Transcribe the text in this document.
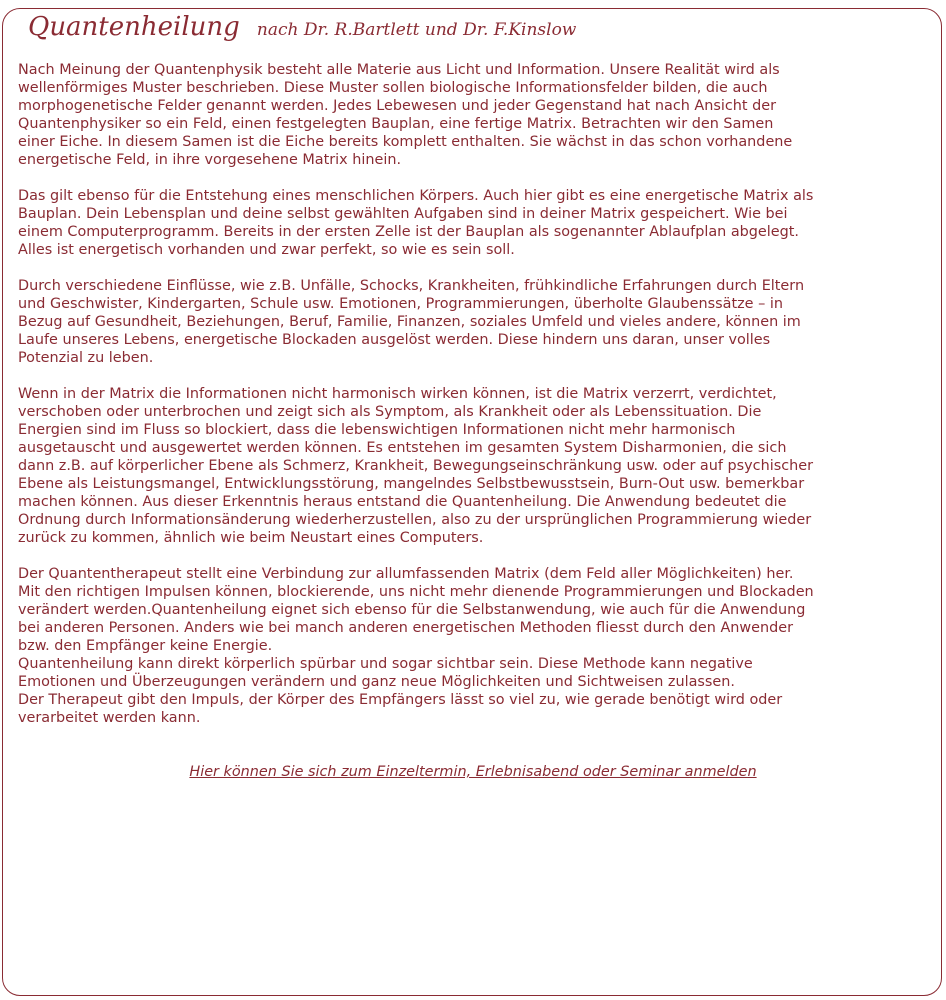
Quantenheilung nach Dr. R.Bartlett und Dr. F.Kinslow

Nach Meinung der Quantenphysik besteht alle Materie aus Licht und Information. Unsere Realität wird als
wellenförmiges Muster beschrieben. Diese Muster sollen biologische Informationsfelder bilden, die auch
morphogenetische Felder genannt werden. Jedes Lebewesen und jeder Gegenstand hat nach Ansicht der
Quantenphysiker so ein Feld, einen festgelegten Bauplan, eine fertige Matrix. Betrachten wir den Samen
einer Eiche. In diesem Samen ist die Eiche bereits komplett enthalten. Sie wächst in das schon vorhandene
energetische Feld, in ihre vorgesehene Matrix hinein.

Das gilt ebenso für die Entstehung eines menschlichen Körpers. Auch hier gibt es eine energetische Matrix als
Bauplan. Dein Lebensplan und deine selbst gewählten Aufgaben sind in deiner Matrix gespeichert. Wie bei
einem Computerprogramm. Bereits in der ersten Zelle ist der Bauplan als sogenannter Ablaufplan abgelegt.
Alles ist energetisch vorhanden und zwar perfekt, so wie es sein soll.

Durch verschiedene Einflüsse, wie z.B. Unfälle, Schocks, Krankheiten, frühkindliche Erfahrungen durch Eltern
und Geschwister, Kindergarten, Schule usw. Emotionen, Programmierungen, überholte Glaubenssätze – in
Bezug auf Gesundheit, Beziehungen, Beruf, Familie, Finanzen, soziales Umfeld und vieles andere, können im
Laufe unseres Lebens, energetische Blockaden ausgelöst werden. Diese hindern uns daran, unser volles
Potenzial zu leben.

Wenn in der Matrix die Informationen nicht harmonisch wirken können, ist die Matrix verzerrt, verdichtet,
verschoben oder unterbrochen und zeigt sich als Symptom, als Krankheit oder als Lebenssituation. Die
Energien sind im Fluss so blockiert, dass die lebenswichtigen Informationen nicht mehr harmonisch
ausgetauscht und ausgewertet werden können. Es entstehen im gesamten System Disharmonien, die sich
dann z.B. auf körperlicher Ebene als Schmerz, Krankheit, Bewegungseinschränkung usw. oder auf psychischer
Ebene als Leistungsmangel, Entwicklungsstörung, mangelndes Selbstbewusstsein, Burn-Out usw. bemerkbar
machen können. Aus dieser Erkenntnis heraus entstand die Quantenheilung. Die Anwendung bedeutet die
Ordnung durch Informationsänderung wiederherzustellen, also zu der ursprünglichen Programmierung wieder
zurück zu kommen, ähnlich wie beim Neustart eines Computers.

Der Quantentherapeut stellt eine Verbindung zur allumfassenden Matrix (dem Feld aller Möglichkeiten) her.
Mit den richtigen Impulsen können, blockierende, uns nicht mehr dienende Programmierungen und Blockaden
verändert werden.Quantenheilung eignet sich ebenso für die Selbstanwendung, wie auch für die Anwendung
bei anderen Personen. Anders wie bei manch anderen energetischen Methoden fliesst durch den Anwender
bzw. den Empfänger keine Energie.
Quantenheilung kann direkt körperlich spürbar und sogar sichtbar sein. Diese Methode kann negative
Emotionen und Überzeugungen verändern und ganz neue Möglichkeiten und Sichtweisen zulassen.
Der Therapeut gibt den Impuls, der Körper des Empfängers lässt so viel zu, wie gerade benötigt wird oder
verarbeitet werden kann.

Hier können Sie sich zum Einzeltermin, Erlebnisabend oder Seminar anmelden
